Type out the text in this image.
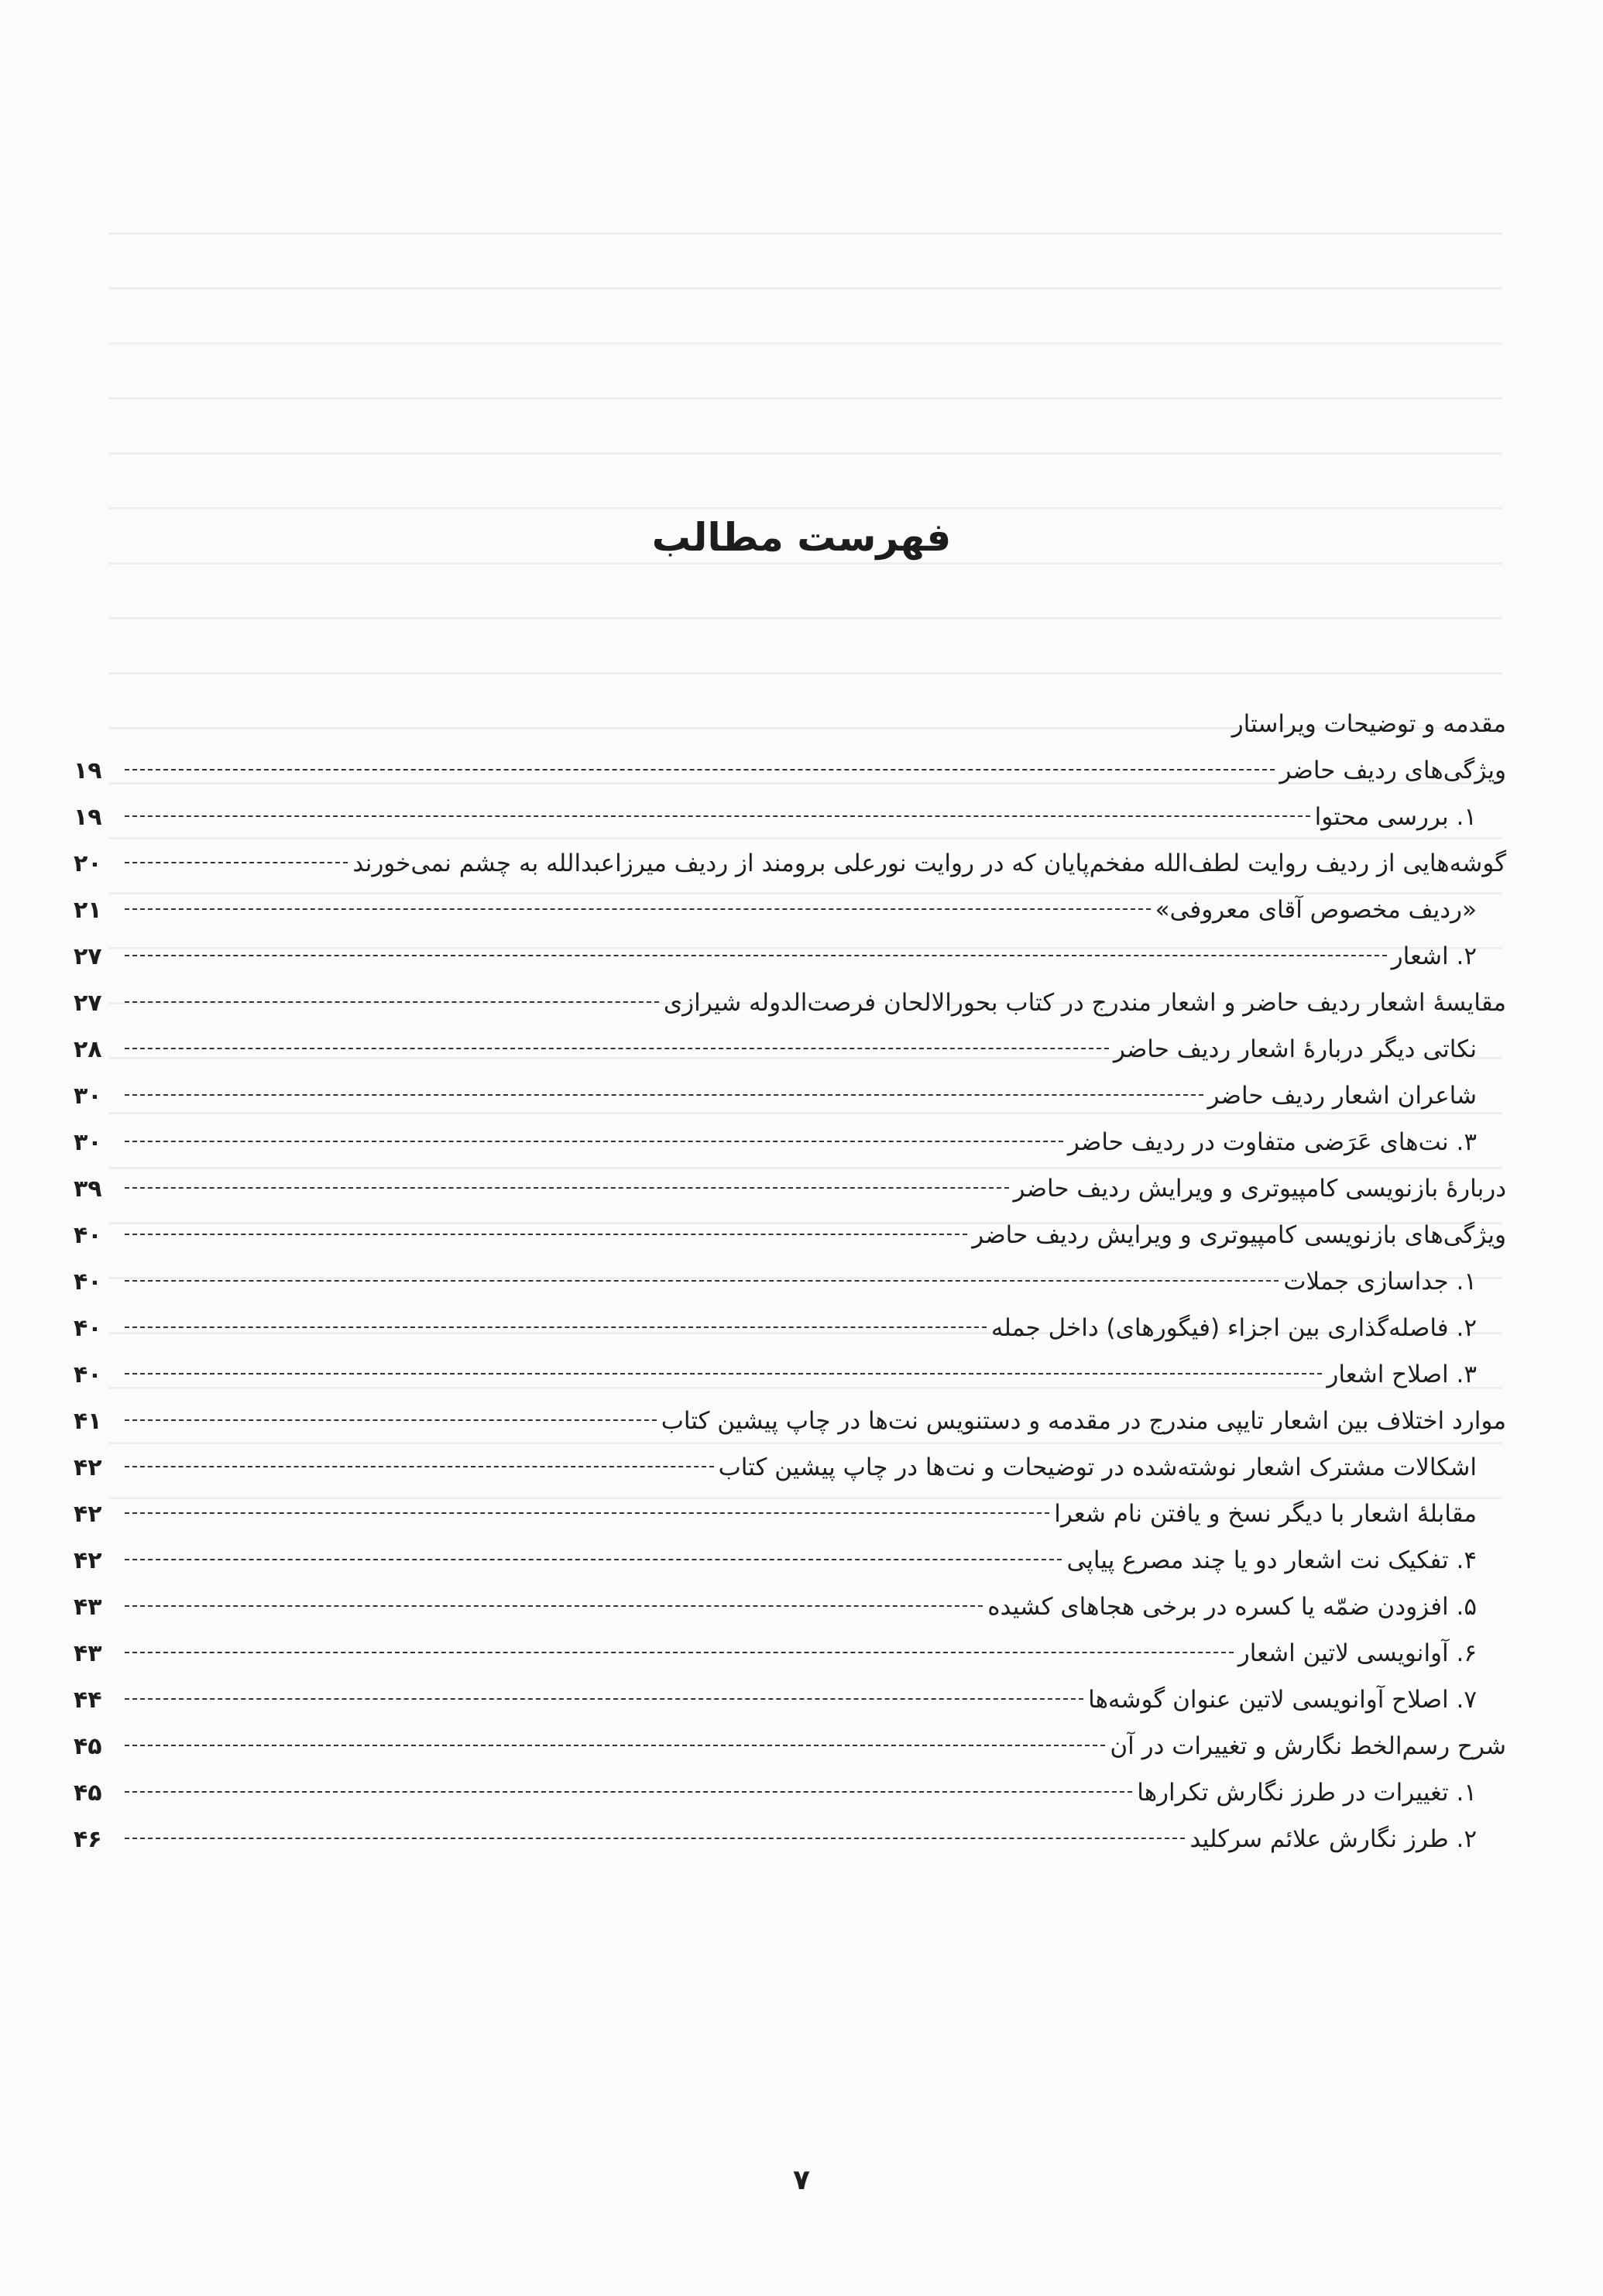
فهرست مطالب
مقدمه و توضیحات ویراستار
ویژگی‌های ردیف حاضر
۱۹
۱. بررسی محتوا
۱۹
گوشه‌هایی از ردیف روایت لطف‌الله مفخم‌پایان که در روایت نورعلی برومند از ردیف میرزاعبدالله به چشم نمی‌خورند
۲۰
«ردیف مخصوص آقای معروفی»
۲۱
۲. اشعار
۲۷
مقایسهٔ اشعار ردیف حاضر و اشعار مندرج در کتاب بحورالالحان فرصت‌الدوله شیرازی
۲۷
نکاتی دیگر دربارهٔ اشعار ردیف حاضر
۲۸
شاعران اشعار ردیف حاضر
۳۰
۳. نت‌های عَرَضی متفاوت در ردیف حاضر
۳۰
دربارهٔ بازنویسی کامپیوتری و ویرایش ردیف حاضر
۳۹
ویژگی‌های بازنویسی کامپیوتری و ویرایش ردیف حاضر
۴۰
۱. جداسازی جملات
۴۰
۲. فاصله‌گذاری بین اجزاء (فیگورهای) داخل جمله
۴۰
۳. اصلاح اشعار
۴۰
موارد اختلاف بین اشعار تایپی مندرج در مقدمه و دستنویس نت‌ها در چاپ پیشین کتاب
۴۱
اشکالات مشترک اشعار نوشته‌شده در توضیحات و نت‌ها در چاپ پیشین کتاب
۴۲
مقابلهٔ اشعار با دیگر نسخ و یافتن نام شعرا
۴۲
۴. تفکیک نت اشعار دو یا چند مصرع پیاپی
۴۲
۵. افزودن ضمّه یا کسره در برخی هجاهای کشیده
۴۳
۶. آوانویسی لاتین اشعار
۴۳
۷. اصلاح آوانویسی لاتین عنوان گوشه‌ها
۴۴
شرح رسم‌الخط نگارش و تغییرات در آن
۴۵
۱. تغییرات در طرز نگارش تکرارها
۴۵
۲. طرز نگارش علائم سرکلید
۴۶
۷
